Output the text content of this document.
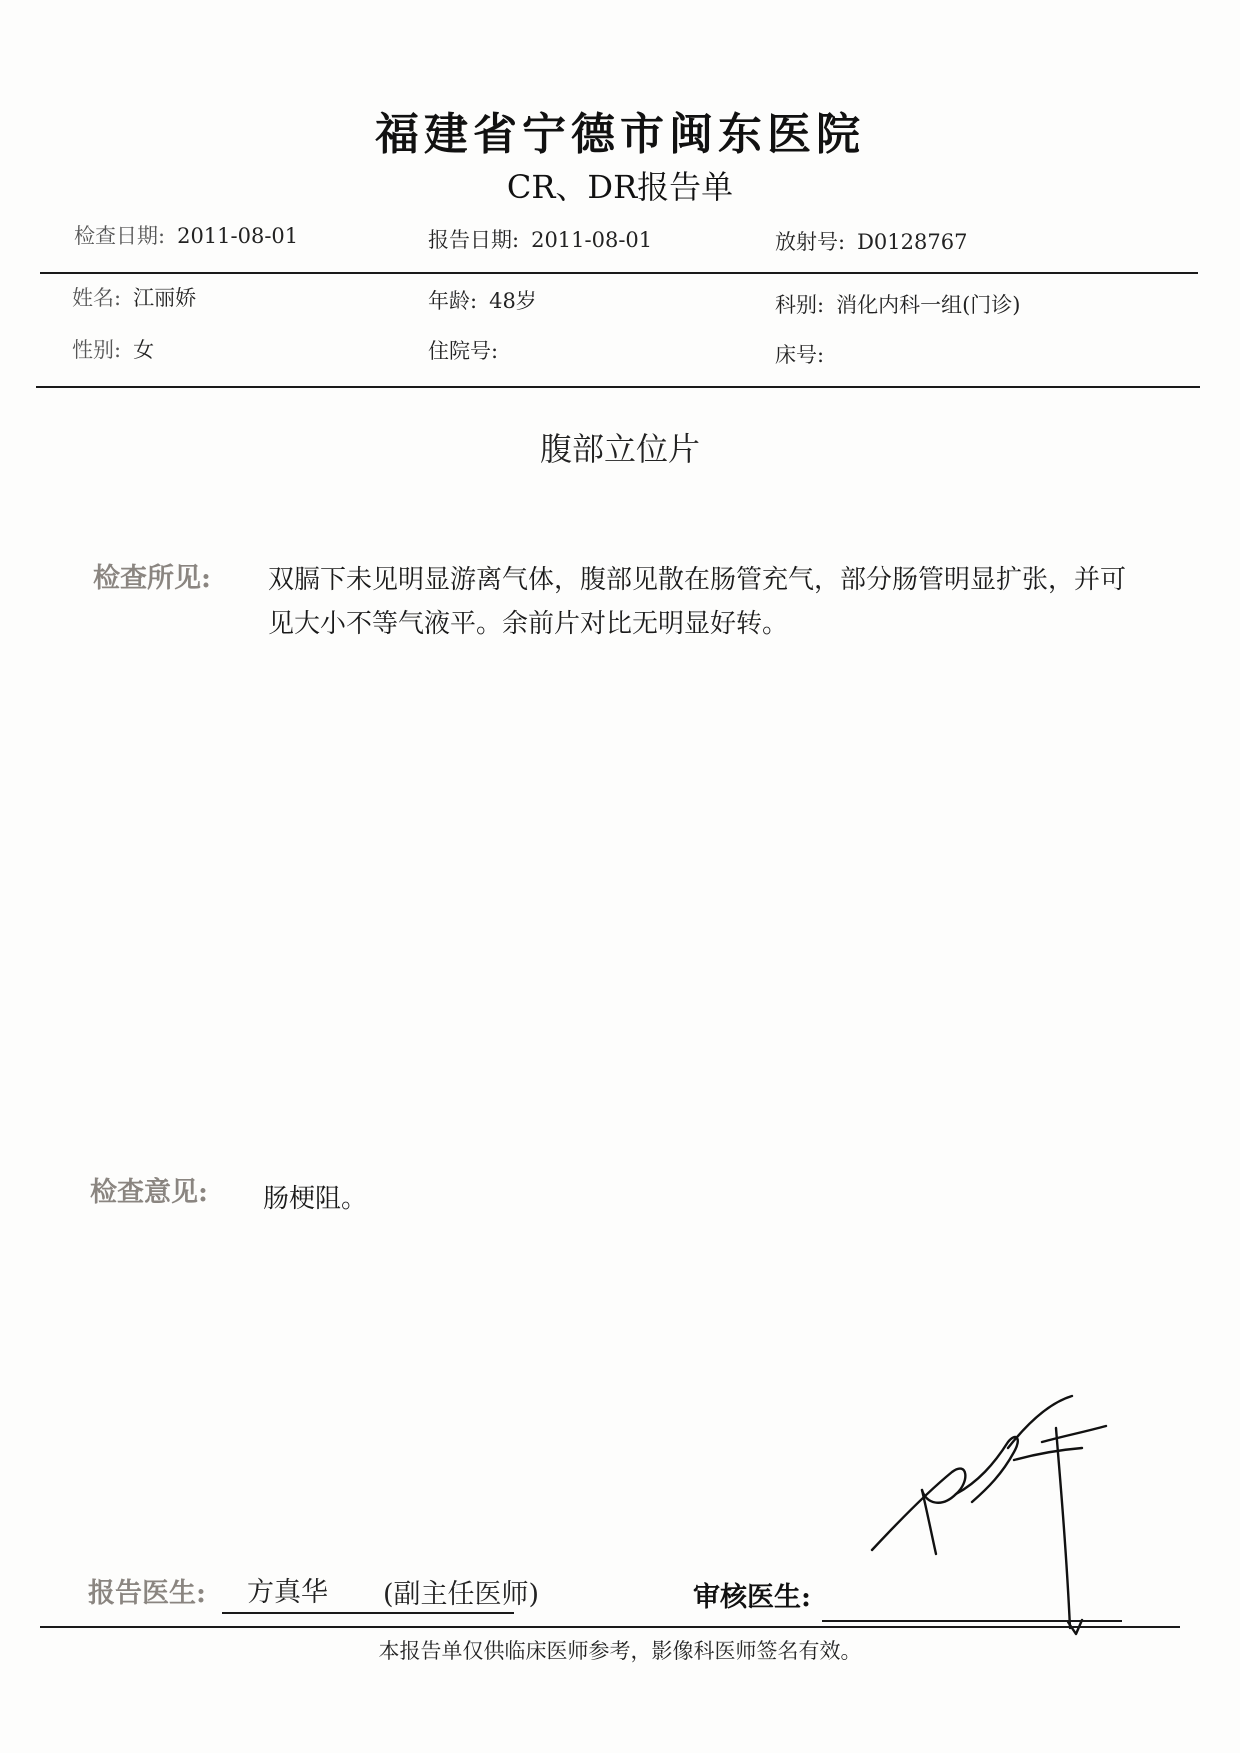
福建省宁德市闽东医院
CR、DR报告单
检查日期: 2011-08-01	报告日期: 2011-08-01	放射号: D0128767
姓名: 江丽娇	年龄: 48岁	科别: 消化内科一组(门诊)
性别: 女	住院号:	床号:
腹部立位片
检查所见: 双膈下未见明显游离气体，腹部见散在肠管充气，部分肠管明显扩张，并可见大小不等气液平。余前片对比无明显好转。
检查意见: 肠梗阻。
报告医生: 方真华 (副主任医师)	审核医生:
本报告单仅供临床医师参考，影像科医师签名有效。
